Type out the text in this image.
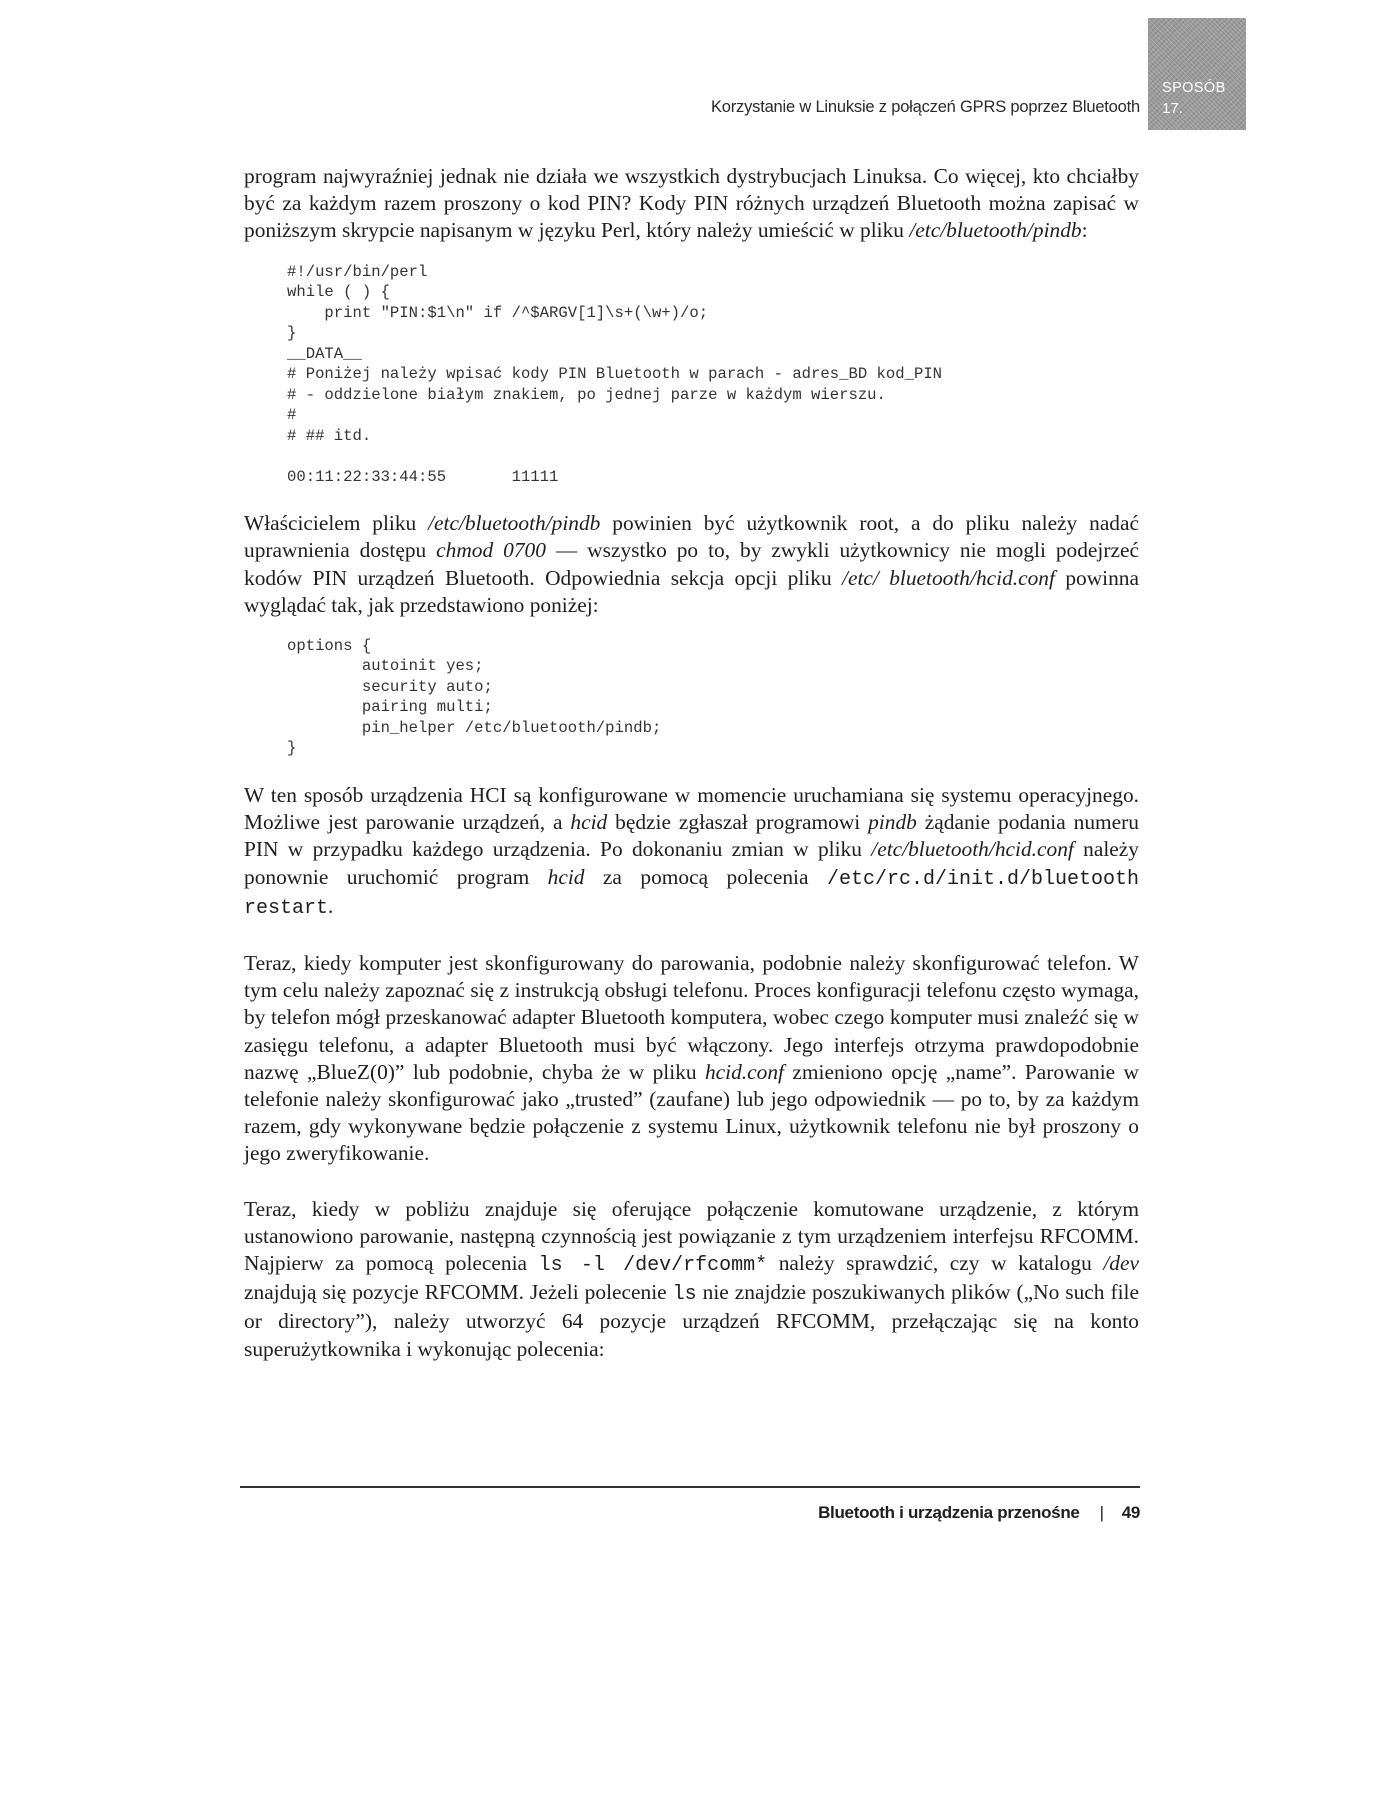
Korzystanie w Linuksie z połączeń GPRS poprzez Bluetooth
SPOSÓB
17.

program najwyraźniej jednak nie działa we wszystkich dystrybucjach Linuksa. Co więcej, kto chciałby być za każdym razem proszony o kod PIN? Kody PIN różnych urządzeń Bluetooth można zapisać w poniższym skrypcie napisanym w języku Perl, który należy umieścić w pliku /etc/bluetooth/pindb:

#!/usr/bin/perl
while ( ) {
print "PIN:$1\n" if /^$ARGV[1]\s+(\w+)/o;
}
__DATA__
# Poniżej należy wpisać kody PIN Bluetooth w parach - adres_BD kod_PIN
# - oddzielone białym znakiem, po jednej parze w każdym wierszu.
#
# ## itd.

00:11:22:33:44:55       11111

Właścicielem pliku /etc/bluetooth/pindb powinien być użytkownik root, a do pliku należy nadać uprawnienia dostępu chmod 0700 — wszystko po to, by zwykli użytkownicy nie mogli podejrzeć kodów PIN urządzeń Bluetooth. Odpowiednia sekcja opcji pliku /etc/ bluetooth/hcid.conf powinna wyglądać tak, jak przedstawiono poniżej:

options {
autoinit yes;
security auto;
pairing multi;
pin_helper /etc/bluetooth/pindb;
}

W ten sposób urządzenia HCI są konfigurowane w momencie uruchamiana się systemu operacyjnego. Możliwe jest parowanie urządzeń, a hcid będzie zgłaszał programowi pindb żądanie podania numeru PIN w przypadku każdego urządzenia. Po dokonaniu zmian w pliku /etc/bluetooth/hcid.conf należy ponownie uruchomić program hcid za pomocą polecenia /etc/rc.d/init.d/bluetooth restart.

Teraz, kiedy komputer jest skonfigurowany do parowania, podobnie należy skonfigurować telefon. W tym celu należy zapoznać się z instrukcją obsługi telefonu. Proces konfiguracji telefonu często wymaga, by telefon mógł przeskanować adapter Bluetooth komputera, wobec czego komputer musi znaleźć się w zasięgu telefonu, a adapter Bluetooth musi być włączony. Jego interfejs otrzyma prawdopodobnie nazwę „BlueZ(0)” lub podobnie, chyba że w pliku hcid.conf zmieniono opcję „name”. Parowanie w telefonie należy skonfigurować jako „trusted” (zaufane) lub jego odpowiednik — po to, by za każdym razem, gdy wykonywane będzie połączenie z systemu Linux, użytkownik telefonu nie był proszony o jego zweryfikowanie.

Teraz, kiedy w pobliżu znajduje się oferujące połączenie komutowane urządzenie, z którym ustanowiono parowanie, następną czynnością jest powiązanie z tym urządzeniem interfejsu RFCOMM. Najpierw za pomocą polecenia ls -l /dev/rfcomm* należy sprawdzić, czy w katalogu /dev znajdują się pozycje RFCOMM. Jeżeli polecenie ls nie znajdzie poszukiwanych plików („No such file or directory”), należy utworzyć 64 pozycje urządzeń RFCOMM, przełączając się na konto superużytkownika i wykonując polecenia:

Bluetooth i urządzenia przenośne | 49
